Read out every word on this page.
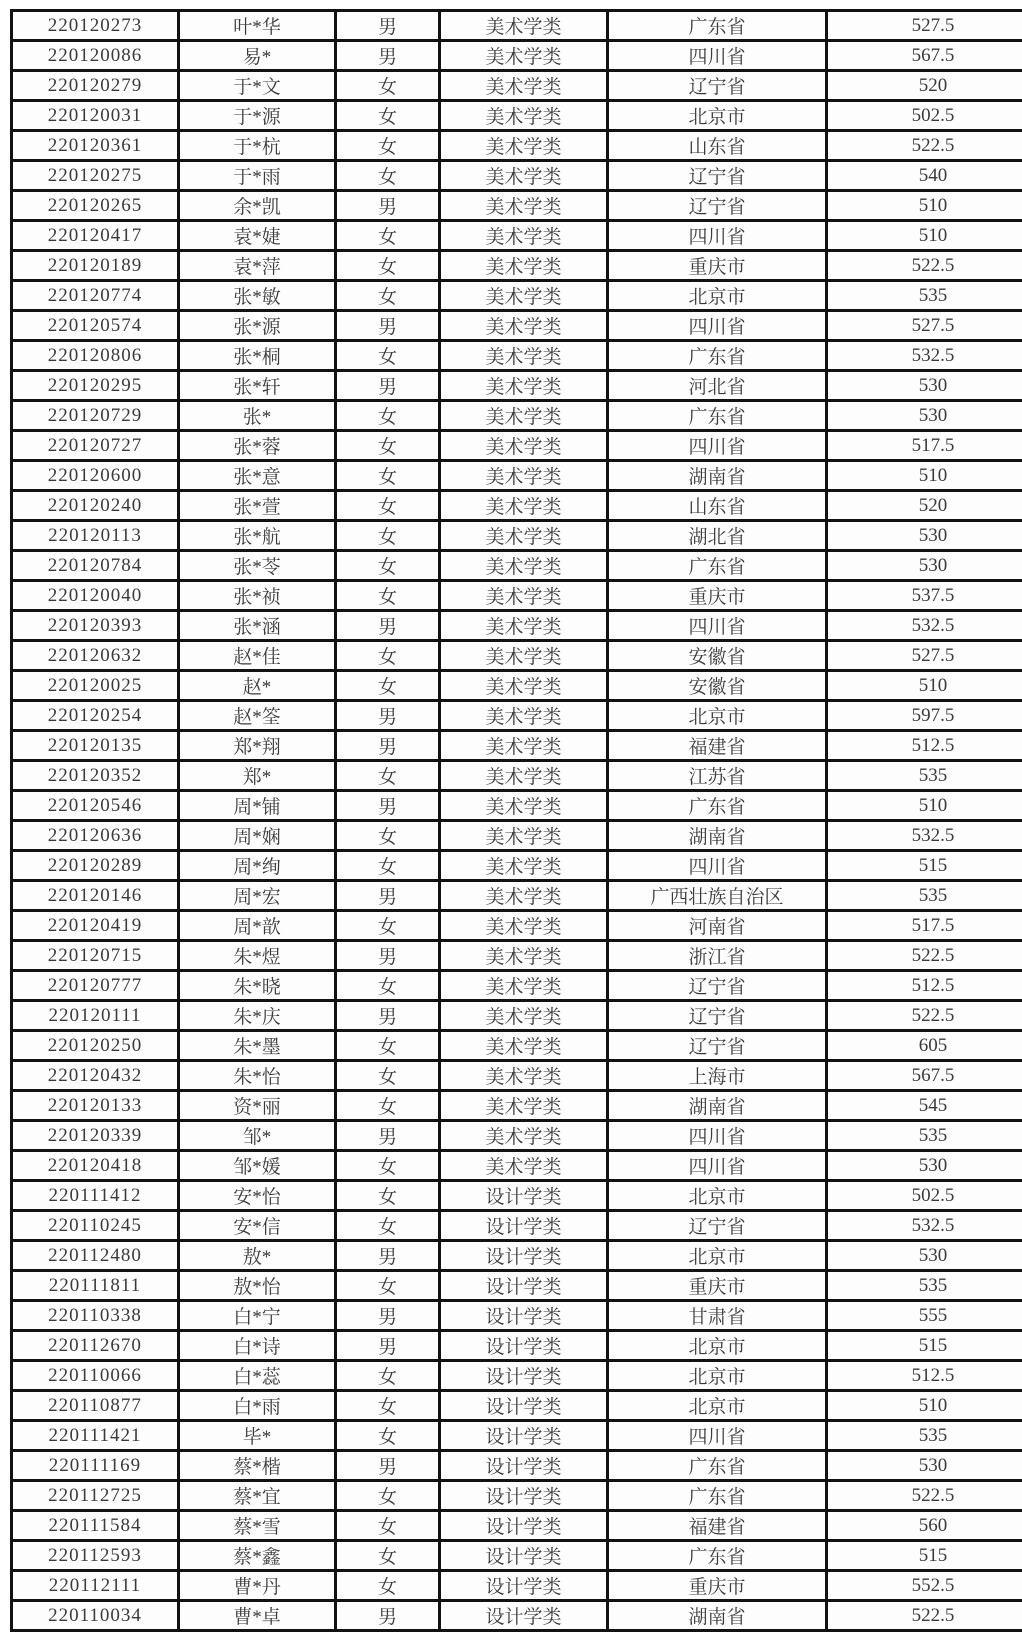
220120273	叶*华	男	美术学类	广东省	527.5
220120086	易*	男	美术学类	四川省	567.5
220120279	于*文	女	美术学类	辽宁省	520
220120031	于*源	女	美术学类	北京市	502.5
220120361	于*杭	女	美术学类	山东省	522.5
220120275	于*雨	女	美术学类	辽宁省	540
220120265	余*凯	男	美术学类	辽宁省	510
220120417	袁*婕	女	美术学类	四川省	510
220120189	袁*萍	女	美术学类	重庆市	522.5
220120774	张*敏	女	美术学类	北京市	535
220120574	张*源	男	美术学类	四川省	527.5
220120806	张*桐	女	美术学类	广东省	532.5
220120295	张*轩	男	美术学类	河北省	530
220120729	张*	女	美术学类	广东省	530
220120727	张*蓉	女	美术学类	四川省	517.5
220120600	张*意	女	美术学类	湖南省	510
220120240	张*萱	女	美术学类	山东省	520
220120113	张*航	女	美术学类	湖北省	530
220120784	张*苓	女	美术学类	广东省	530
220120040	张*祯	女	美术学类	重庆市	537.5
220120393	张*涵	男	美术学类	四川省	532.5
220120632	赵*佳	女	美术学类	安徽省	527.5
220120025	赵*	女	美术学类	安徽省	510
220120254	赵*筌	男	美术学类	北京市	597.5
220120135	郑*翔	男	美术学类	福建省	512.5
220120352	郑*	女	美术学类	江苏省	535
220120546	周*铺	男	美术学类	广东省	510
220120636	周*娴	女	美术学类	湖南省	532.5
220120289	周*绚	女	美术学类	四川省	515
220120146	周*宏	男	美术学类	广西壮族自治区	535
220120419	周*歆	女	美术学类	河南省	517.5
220120715	朱*煜	男	美术学类	浙江省	522.5
220120777	朱*晓	女	美术学类	辽宁省	512.5
220120111	朱*庆	男	美术学类	辽宁省	522.5
220120250	朱*墨	女	美术学类	辽宁省	605
220120432	朱*怡	女	美术学类	上海市	567.5
220120133	资*丽	女	美术学类	湖南省	545
220120339	邹*	男	美术学类	四川省	535
220120418	邹*媛	女	美术学类	四川省	530
220111412	安*怡	女	设计学类	北京市	502.5
220110245	安*信	女	设计学类	辽宁省	532.5
220112480	敖*	男	设计学类	北京市	530
220111811	敖*怡	女	设计学类	重庆市	535
220110338	白*宁	男	设计学类	甘肃省	555
220112670	白*诗	男	设计学类	北京市	515
220110066	白*蕊	女	设计学类	北京市	512.5
220110877	白*雨	女	设计学类	北京市	510
220111421	毕*	女	设计学类	四川省	535
220111169	蔡*楷	男	设计学类	广东省	530
220112725	蔡*宜	女	设计学类	广东省	522.5
220111584	蔡*雪	女	设计学类	福建省	560
220112593	蔡*鑫	女	设计学类	广东省	515
220112111	曹*丹	女	设计学类	重庆市	552.5
220110034	曹*卓	男	设计学类	湖南省	522.5
